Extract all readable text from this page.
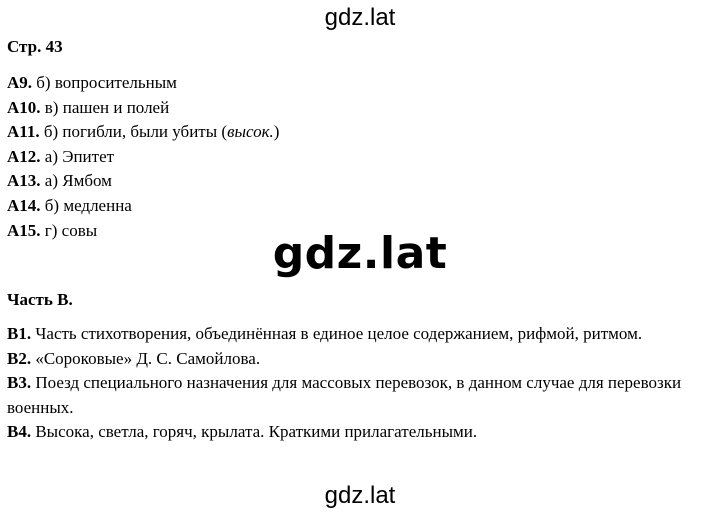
gdz.lat
Стр. 43
А9. б) вопросительным
А10. в) пашен и полей
А11. б) погибли, были убиты (высок.)
А12. а) Эпитет
А13. а) Ямбом
А14. б) медленна
А15. г) совы	gdz.lat
Часть В.
В1. Часть стихотворения, объединённая в единое целое содержанием, рифмой, ритмом.
В2. «Сороковые» Д. С. Самойлова.
В3. Поезд специального назначения для массовых перевозок, в данном случае для перевозки военных.
В4. Высока, светла, горяч, крылата. Краткими прилагательными.
gdz.lat
